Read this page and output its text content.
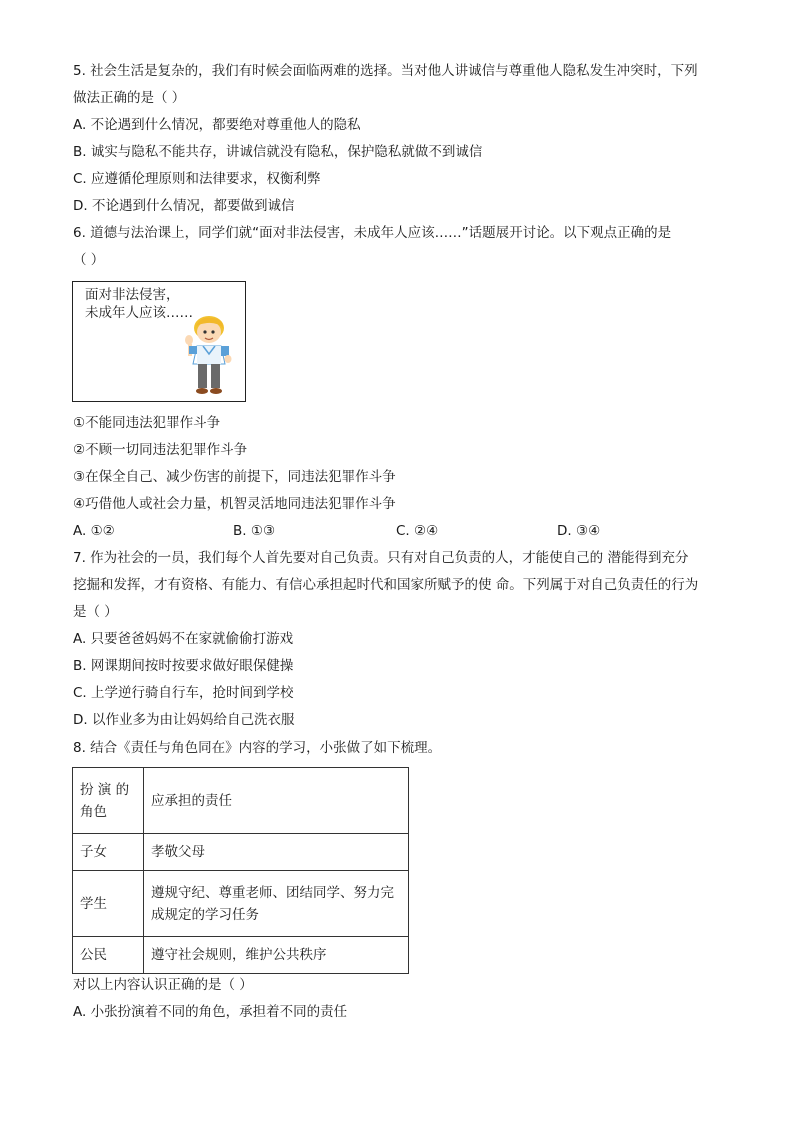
5. 社会生活是复杂的，我们有时候会面临两难的选择。当对他人讲诚信与尊重他人隐私发生冲突时，下列
做法正确的是（ ）
A. 不论遇到什么情况，都要绝对尊重他人的隐私
B. 诚实与隐私不能共存，讲诚信就没有隐私，保护隐私就做不到诚信
C. 应遵循伦理原则和法律要求，权衡利弊
D. 不论遇到什么情况，都要做到诚信
6. 道德与法治课上，同学们就“面对非法侵害，未成年人应该……”话题展开讨论。以下观点正确的是
（ ）
面对非法侵害，
未成年人应该……
①不能同违法犯罪作斗争
②不顾一切同违法犯罪作斗争
③在保全自己、减少伤害的前提下，同违法犯罪作斗争
④巧借他人或社会力量，机智灵活地同违法犯罪作斗争
A. ①②	B. ①③	C. ②④	D. ③④
7. 作为社会的一员，我们每个人首先要对自己负责。只有对自己负责的人，才能使自己的 潜能得到充分
挖掘和发挥，才有资格、有能力、有信心承担起时代和国家所赋予的使 命。下列属于对自己负责任的行为
是（ ）
A. 只要爸爸妈妈不在家就偷偷打游戏
B. 网课期间按时按要求做好眼保健操
C. 上学逆行骑自行车，抢时间到学校
D. 以作业多为由让妈妈给自己洗衣服
8. 结合《责任与角色同在》内容的学习，小张做了如下梳理。
扮 演 的角色	应承担的责任
子女	孝敬父母
学生	遵规守纪、尊重老师、团结同学、努力完成规定的学习任务
公民	遵守社会规则，维护公共秩序
对以上内容认识正确的是（ ）
A. 小张扮演着不同的角色，承担着不同的责任
